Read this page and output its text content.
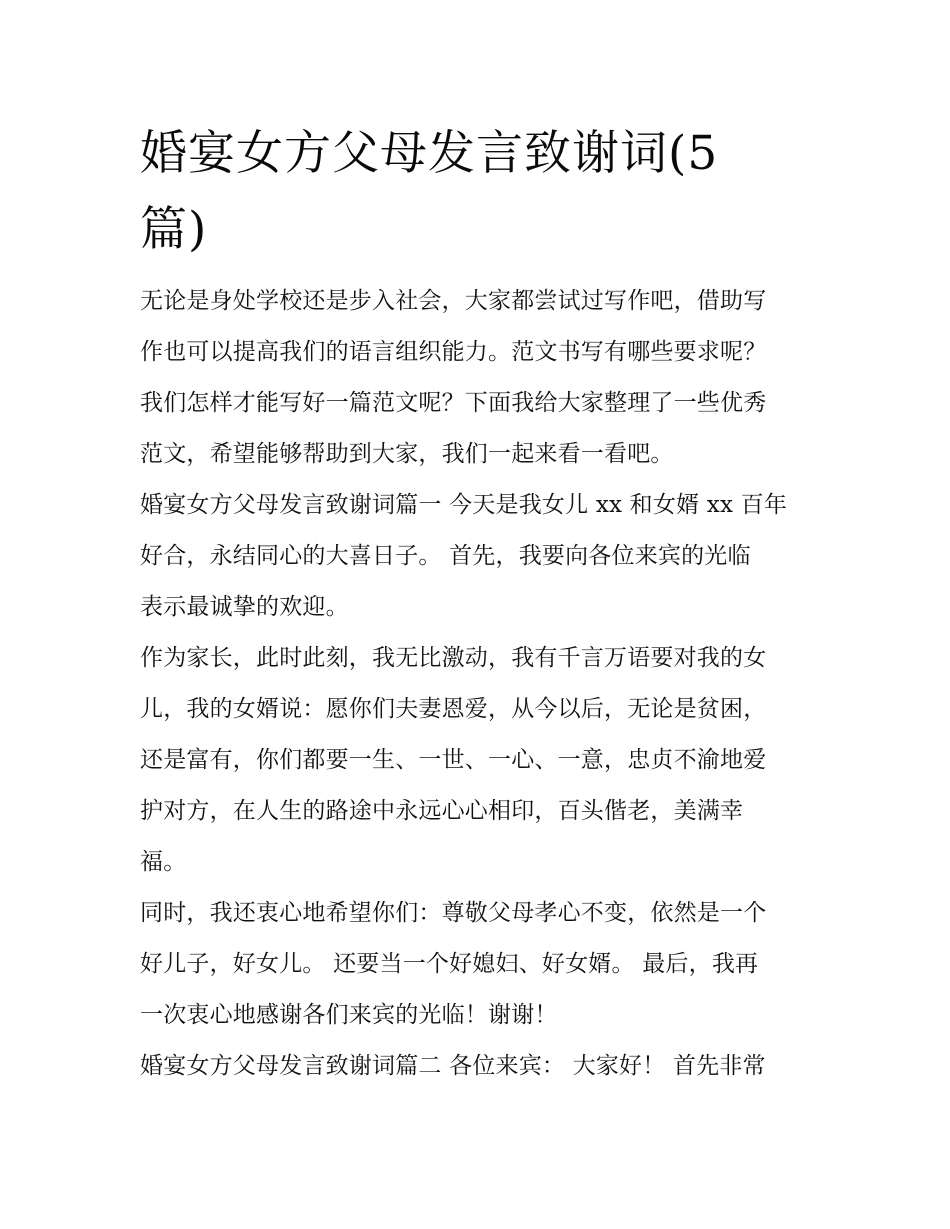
婚宴女方父母发言致谢词(5
篇)
无论是身处学校还是步入社会，大家都尝试过写作吧，借助写
作也可以提高我们的语言组织能力。范文书写有哪些要求呢？
我们怎样才能写好一篇范文呢？下面我给大家整理了一些优秀
范文，希望能够帮助到大家，我们一起来看一看吧。
婚宴女方父母发言致谢词篇一 今天是我女儿 xx 和女婿 xx 百年
好合，永结同心的大喜日子。 首先，我要向各位来宾的光临
表示最诚挚的欢迎。
作为家长，此时此刻，我无比激动，我有千言万语要对我的女
儿，我的女婿说：愿你们夫妻恩爱，从今以后，无论是贫困，
还是富有，你们都要一生、一世、一心、一意，忠贞不渝地爱
护对方，在人生的路途中永远心心相印，百头偕老，美满幸
福。
同时，我还衷心地希望你们：尊敬父母孝心不变，依然是一个
好儿子，好女儿。 还要当一个好媳妇、好女婿。 最后，我再
一次衷心地感谢各们来宾的光临！谢谢！
婚宴女方父母发言致谢词篇二 各位来宾： 大家好！ 首先非常
